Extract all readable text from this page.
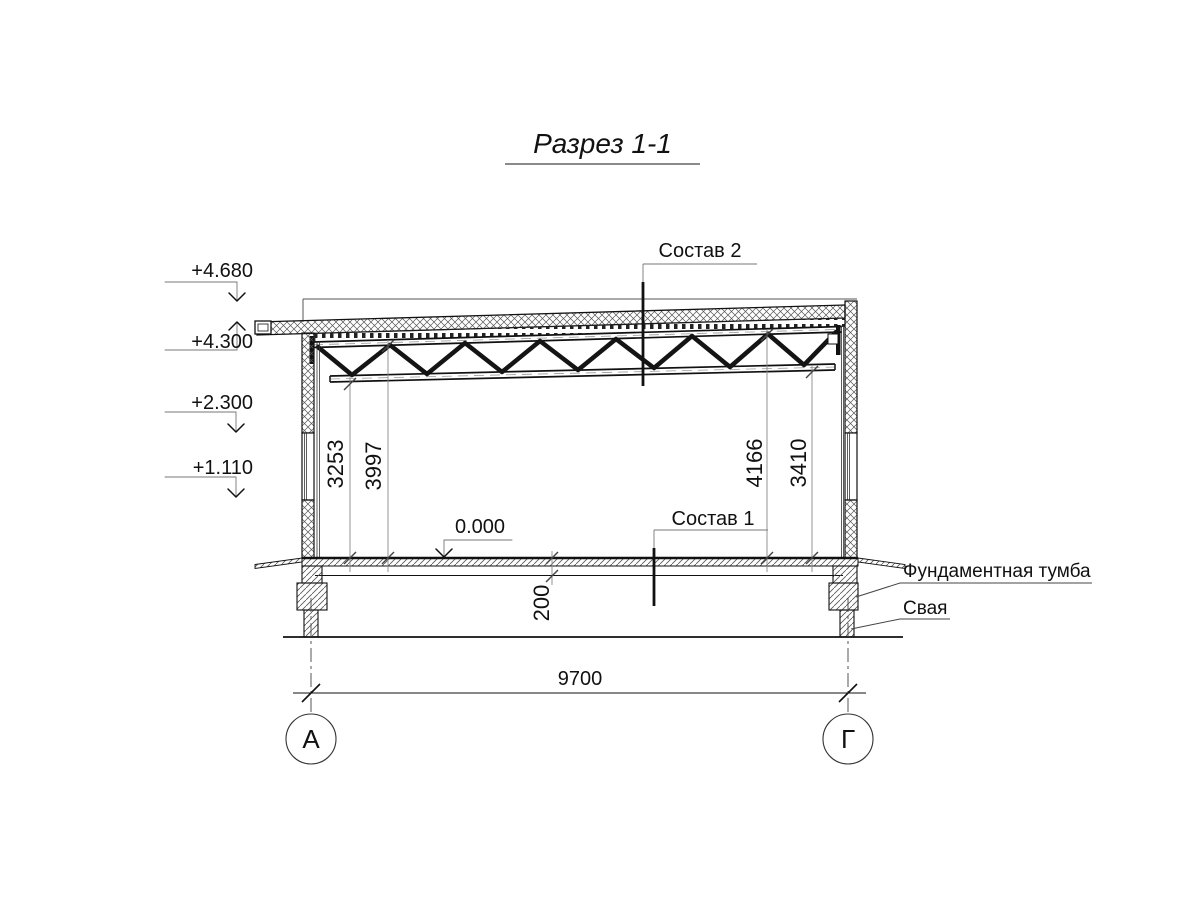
Разрез 1-1
+4.680
+4.300
+2.300
+1.110
0.000
Состав 2
Состав 1
Фундаментная тумба
Свая
9700
3253 3997	4166 3410
200
А	Г
